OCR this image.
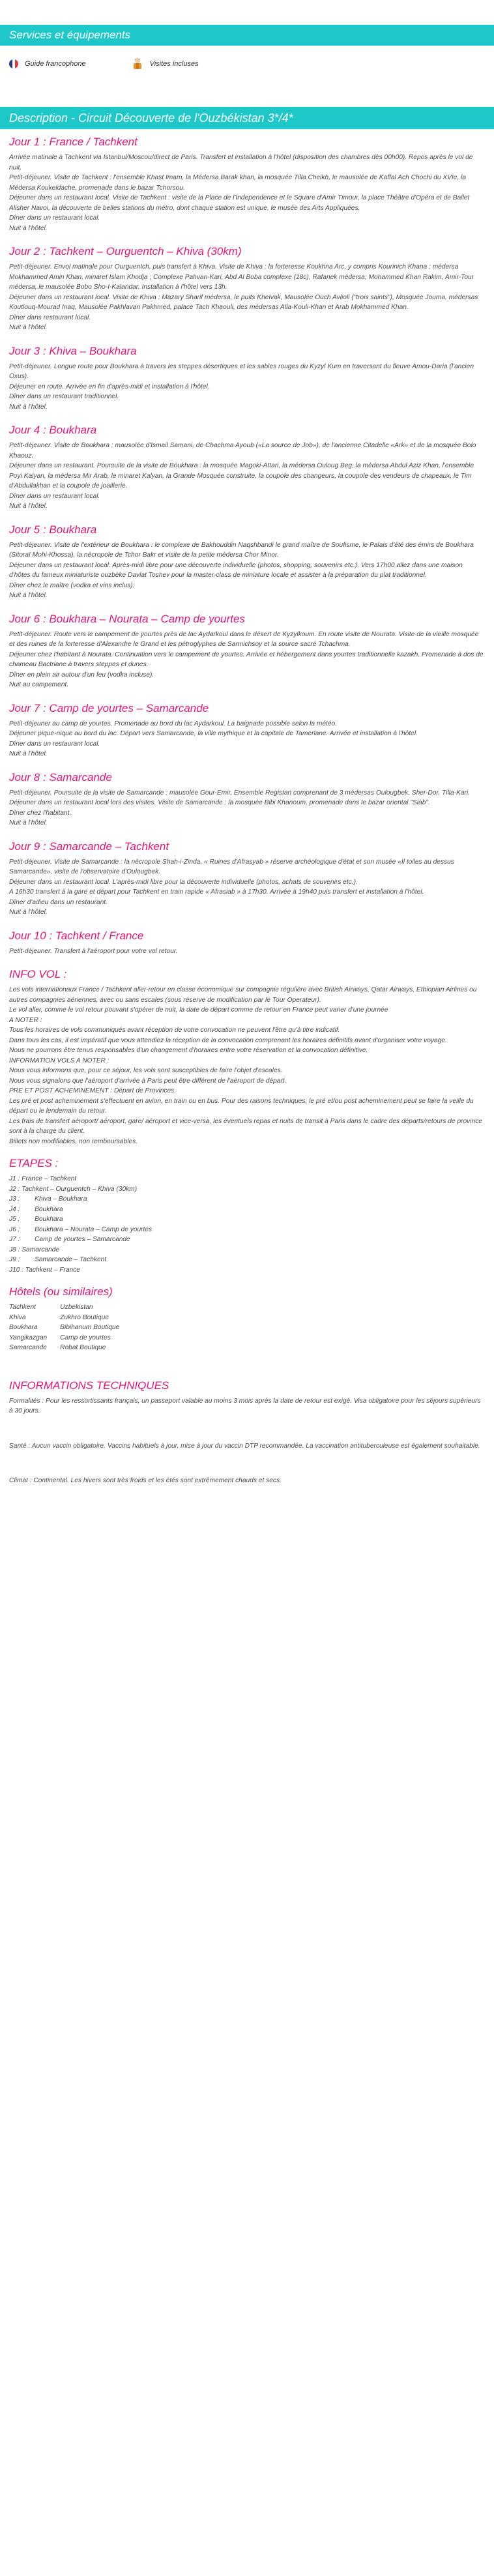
Services et équipements
Guide francophone	Visites incluses
Description - Circuit Découverte de l'Ouzbékistan 3*/4*
Jour 1 : France / Tachkent

Arrivée matinale à Tachkent via Istanbul/Moscou/direct de Paris. Transfert et installation à l'hôtel (disposition des chambres dès 00h00). Repos après le vol de nuit.
Petit-déjeuner. Visite de Tachkent : l'ensemble Khast Imam, la Médersa Barak khan, la mosquée Tilla Cheikh, le mausolée de Kaffal Ach Chochi du XVIe, la Médersa Koukeldache, promenade dans le bazar Tchorsou.
Déjeuner dans un restaurant local. Visite de Tachkent : visite de la Place de l'Independence et le Square d'Amir Timour, la place Théâtre d'Opéra et de Ballet Alisher Navoi, la découverte de belles stations du métro, dont chaque station est unique, le musée des Arts Appliquées.
Dîner dans un restaurant local.
Nuit à l'hôtel.

Jour 2 : Tachkent – Ourguentch – Khiva (30km)

Petit-déjeuner. Envol matinale pour Ourguentch, puis transfert à Khiva. Visite de Khiva : la forteresse Koukhna Arc, y compris Kourinich Khana ; médersa Mokhammed Amin Khan, minaret Islam Khodja ; Complexe Pahvan-Kari, Abd Al Boba complexe (18c), Rafanek médersa; Mohammed Khan Rakim, Amir-Tour médersa, le mausolée Bobo Sho-I-Kalandar. Installation à l'hôtel vers 13h.
Déjeuner dans un restaurant local. Visite de Khiva : Mazary Sharif médersa, le puits Kheivak, Mausolée Ouch Avlioli ("trois saints"), Mosquée Jouma, médersas Koutlouq-Mourad Inaq, Mausolée Pakhlavan Pakhmed, palace Tach Khaouli, des médersas Alla-Kouli-Khan et Arab Mokhammed Khan.
Dîner dans restaurant local.
Nuit à l'hôtel.

Jour 3 : Khiva – Boukhara

Petit-déjeuner. Longue route pour Boukhara à travers les steppes désertiques et les sables rouges du Kyzyl Kum en traversant du fleuve Amou-Daria (l'ancien Oxus).
Déjeuner en route. Arrivée en fin d'après-midi et installation à l'hôtel.
Dîner dans un restaurant traditionnel.
Nuit à l'hôtel.

Jour 4 : Boukhara

Petit-déjeuner. Visite de Boukhara : mausolée d'Ismail Samani, de Chachma Ayoub («La source de Job»), de l'ancienne Citadelle «Ark» et de la mosquée Bolo Khaouz.
Déjeuner dans un restaurant. Poursuite de la visite de Boukhara : la mosquée Magoki-Attari, la médersa Ouloug Beg, la médersa Abdul Aziz Khan, l'ensemble Poyi Kalyan, la médersa Mir Arab, le minaret Kalyan, la Grande Mosquée construite, la coupole des changeurs, la coupole des vendeurs de chapeaux, le Tim d'Abdullakhan et la coupole de joaillerie.
Dîner dans un restaurant local.
Nuit à l'hôtel.

Jour 5 : Boukhara

Petit-déjeuner. Visite de l'extérieur de Boukhara : le complexe de Bakhouddin Naqshbandi le grand maître de Soufisme, le Palais d'été des émirs de Boukhara (Sitoraï Mohi-Khossa), la nécropole de Tchor Bakr et visite de la petite médersa Chor Minor.
Déjeuner dans un restaurant local. Après-midi libre pour une découverte individuelle (photos, shopping, souvenirs etc.). Vers 17h00 allez dans une maison d'hôtes du fameux miniaturiste ouzbèke Davlat Toshev pour la master-class de miniature locale et assister à la préparation du plat traditionnel.
Dîner chez le maître (vodka et vins inclus).
Nuit à l'hôtel.

Jour 6 : Boukhara – Nourata – Camp de yourtes

Petit-déjeuner. Route vers le campement de yourtes près de lac Aydarkoul dans le désert de Kyzylkoum. En route visite de Nourata. Visite de la vieille mosquée et des ruines de la forteresse d'Alexandre le Grand et les pétroglyphes de Sarmichsoy et la source sacré Tchachma.
Déjeuner chez l'habitant à Nourata. Continuation vers le campement de yourtes. Arrivée et hébergement dans yourtes traditionnelle kazakh. Promenade à dos de chameau Bactriane à travers steppes et dunes.
Dîner en plein air autour d'un feu (vodka incluse).
Nuit au campement.

Jour 7 : Camp de yourtes – Samarcande

Petit-déjeuner au camp de yourtes. Promenade au bord du lac Aydarkoul. La baignade possible selon la météo.
Déjeuner pique-nique au bord du lac. Départ vers Samarcande, la ville mythique et la capitale de Tamerlane. Arrivée et installation à l'hôtel.
Dîner dans un restaurant local.
Nuit à l'hôtel.

Jour 8 : Samarcande

Petit-déjeuner. Poursuite de la visite de Samarcande : mausolée Gour-Emir, Ensemble Registan comprenant de 3 médersas Oulougbek, Sher-Dor, Tilla-Kari.
Déjeuner dans un restaurant local lors des visites. Visite de Samarcande : la mosquée Bibi Khanoum, promenade dans le bazar oriental "Siab".
Dîner chez l'habitant.
Nuit à l'hôtel.

Jour 9 : Samarcande – Tachkent

Petit-déjeuner. Visite de Samarcande : la nécropole Shah-i-Zinda, « Ruines d'Afrasyab » réserve archéologique d'état et son musée «Il toiles au dessus Samarcande», visite de l'observatoire d'Oulougbek.
Déjeuner dans un restaurant local. L'après-midi libre pour la découverte individuelle (photos, achats de souvenirs etc.).
A 16h30 transfert à la gare et départ pour Tachkent en train rapide « Afrasiab » à 17h30. Arrivée à 19h40 puis transfert et installation à l'hôtel.
Dîner d'adieu dans un restaurant.
Nuit à l'hôtel.

Jour 10 : Tachkent / France

Petit-déjeuner. Transfert à l'aéroport pour votre vol retour.

INFO VOL :

Les vols internationaux France / Tachkent aller-retour en classe économique sur compagnie régulière avec British Airways, Qatar Airways, Ethiopian Airlines ou autres compagnies aériennes, avec ou sans escales (sous réserve de modification par le Tour Operateur).
Le vol aller, comme le vol retour pouvant s'opérer de nuit, la date de départ comme de retour en France peut varier d'une journée
A NOTER :
Tous les horaires de vols communiqués avant réception de votre convocation ne peuvent l'être qu'à titre indicatif.
Dans tous les cas, il est impératif que vous attendiez la réception de la convocation comprenant les horaires définitifs avant d'organiser votre voyage.
Nous ne pourrons être tenus responsables d'un changement d'horaires entre votre réservation et la convocation définitive.
INFORMATION VOLS A NOTER :
Nous vous informons que, pour ce séjour, les vols sont susceptibles de faire l'objet d'escales.
Nous vous signalons que l'aéroport d'arrivée à Paris peut être différent de l'aéroport de départ.
PRE ET POST ACHEMINEMENT : Départ de Provinces.
Les pré et post acheminement s'effectuent en avion, en train ou en bus. Pour des raisons techniques, le pré et/ou post acheminement peut se faire la veille du départ ou le lendemain du retour.
Les frais de transfert aéroport/ aéroport, gare/ aéroport et vice-versa, les éventuels repas et nuits de transit à Paris dans le cadre des départs/retours de province sont à la charge du client.
Billets non modifiables, non remboursables.

ETAPES :
J1 : France – Tachkent
J2 : Tachkent – Ourguentch – Khiva (30km)
J3 :        Khiva – Boukhara
J4 :        Boukhara
J5 :        Boukhara
J6 :        Boukhara – Nourata – Camp de yourtes
J7 :        Camp de yourtes – Samarcande
J8 : Samarcande
J9 :        Samarcande – Tachkent
J10 : Tachkent – France
Hôtels (ou similaires)
Tachkent	Uzbekistan
Khiva	Zukhro Boutique
Boukhara	Bibihanum Boutique
Yangikazgan	Camp de yourtes
Samarcande	Robat Boutique
INFORMATIONS TECHNIQUES

Formalités : Pour les ressortissants français, un passeport valable au moins 3 mois après la date de retour est exigé. Visa obligatoire pour les séjours supérieurs à 30 jours.

Santé : Aucun vaccin obligatoire. Vaccins habituels à jour, mise à jour du vaccin DTP recommandée. La vaccination antituberculeuse est également souhaitable.

Climat : Continental. Les hivers sont très froids et les étés sont extrêmement chauds et secs.
